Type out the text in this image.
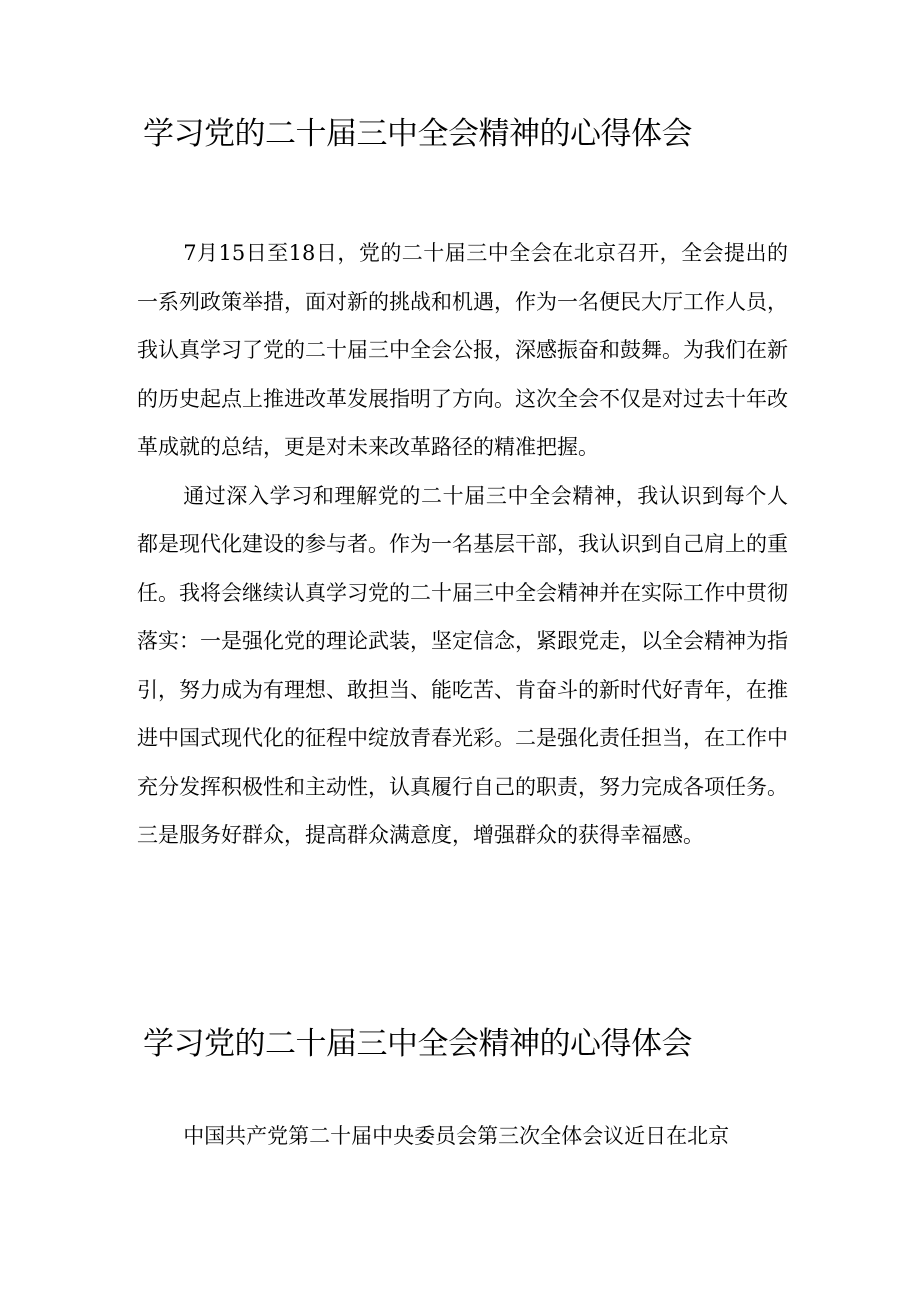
学习党的二十届三中全会精神的心得体会

7月15日至18日，党的二十届三中全会在北京召开，全会提出的一系列政策举措，面对新的挑战和机遇，作为一名便民大厅工作人员，我认真学习了党的二十届三中全会公报，深感振奋和鼓舞。为我们在新的历史起点上推进改革发展指明了方向。这次全会不仅是对过去十年改革成就的总结，更是对未来改革路径的精准把握。

通过深入学习和理解党的二十届三中全会精神，我认识到每个人都是现代化建设的参与者。作为一名基层干部，我认识到自己肩上的重任。我将会继续认真学习党的二十届三中全会精神并在实际工作中贯彻落实：一是强化党的理论武装，坚定信念，紧跟党走，以全会精神为指引，努力成为有理想、敢担当、能吃苦、肯奋斗的新时代好青年，在推进中国式现代化的征程中绽放青春光彩。二是强化责任担当，在工作中充分发挥积极性和主动性，认真履行自己的职责，努力完成各项任务。三是服务好群众，提高群众满意度，增强群众的获得幸福感。

学习党的二十届三中全会精神的心得体会

中国共产党第二十届中央委员会第三次全体会议近日在北京
